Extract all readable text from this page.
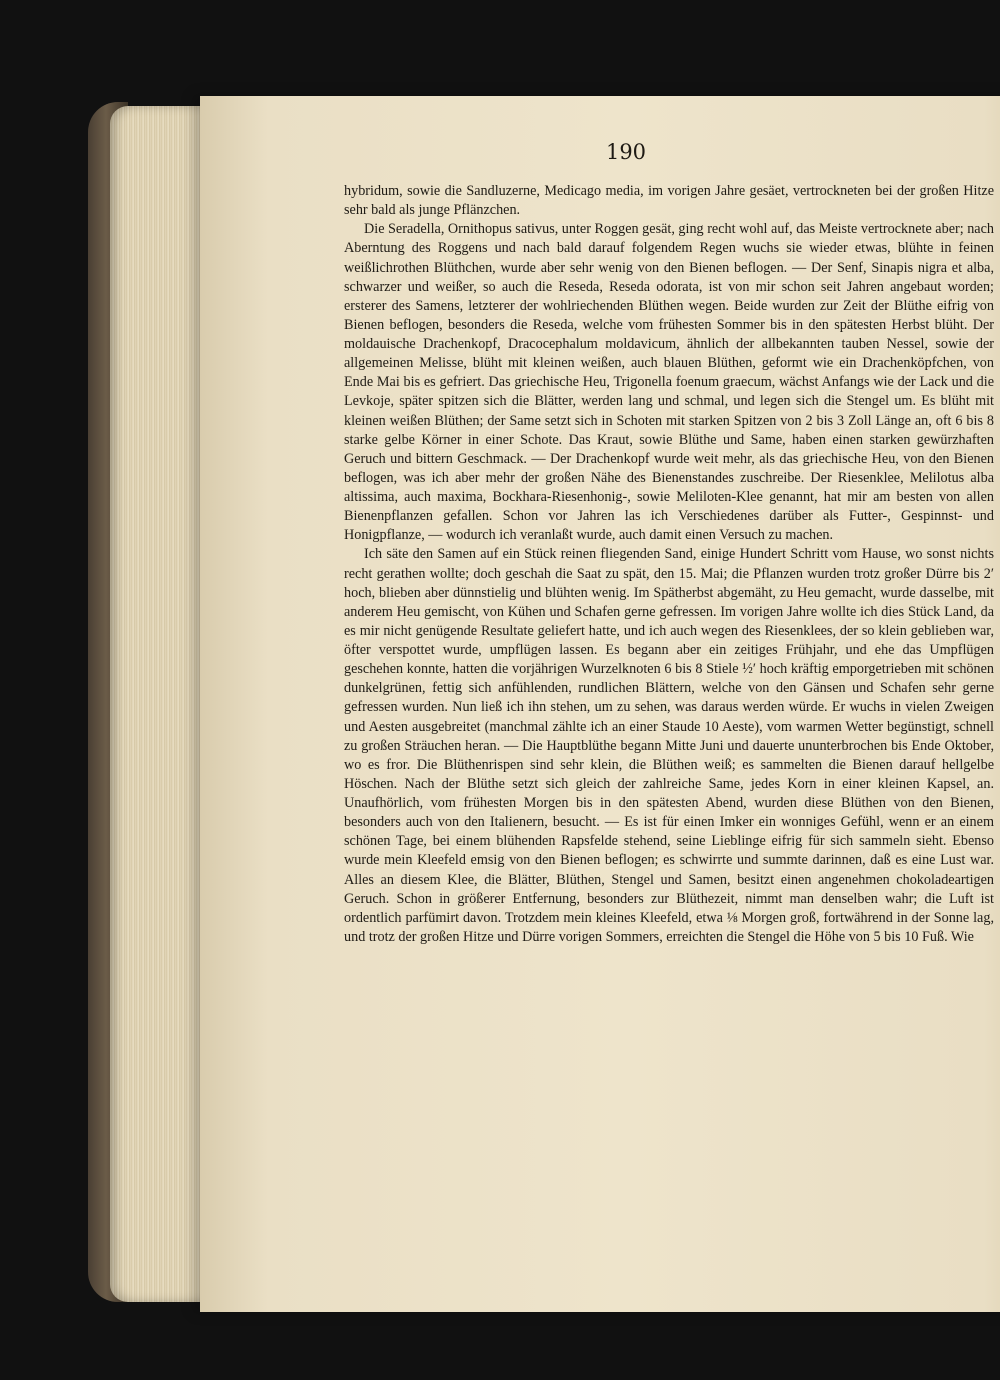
190

hybridum, sowie die Sandluzerne, Medicago media, im vorigen Jahre gesäet, vertrockneten bei der großen Hitze sehr bald als junge Pflänzchen.

Die Seradella, Ornithopus sativus, unter Roggen gesät, ging recht wohl auf, das Meiste vertrocknete aber; nach Aberntung des Roggens und nach bald darauf folgendem Regen wuchs sie wieder etwas, blühte in feinen weißlichrothen Blüthchen, wurde aber sehr wenig von den Bienen beflogen. — Der Senf, Sinapis nigra et alba, schwarzer und weißer, so auch die Reseda, Reseda odorata, ist von mir schon seit Jahren angebaut worden; ersterer des Samens, letzterer der wohlriechenden Blüthen wegen. Beide wurden zur Zeit der Blüthe eifrig von Bienen beflogen, besonders die Reseda, welche vom frühesten Sommer bis in den spätesten Herbst blüht. Der moldauische Drachenkopf, Dracocephalum moldavicum, ähnlich der allbekannten tauben Nessel, sowie der allgemeinen Melisse, blüht mit kleinen weißen, auch blauen Blüthen, geformt wie ein Drachenköpfchen, von Ende Mai bis es gefriert. Das griechische Heu, Trigonella foenum graecum, wächst Anfangs wie der Lack und die Levkoje, später spitzen sich die Blätter, werden lang und schmal, und legen sich die Stengel um. Es blüht mit kleinen weißen Blüthen; der Same setzt sich in Schoten mit starken Spitzen von 2 bis 3 Zoll Länge an, oft 6 bis 8 starke gelbe Körner in einer Schote. Das Kraut, sowie Blüthe und Same, haben einen starken gewürzhaften Geruch und bittern Geschmack. — Der Drachenkopf wurde weit mehr, als das griechische Heu, von den Bienen beflogen, was ich aber mehr der großen Nähe des Bienenstandes zuschreibe. Der Riesenklee, Melilotus alba altissima, auch maxima, Bockhara-Riesenhonig-, sowie Meliloten-Klee genannt, hat mir am besten von allen Bienenpflanzen gefallen. Schon vor Jahren las ich Verschiedenes darüber als Futter-, Gespinnst- und Honigpflanze, — wodurch ich veranlaßt wurde, auch damit einen Versuch zu machen.

Ich säte den Samen auf ein Stück reinen fliegenden Sand, einige Hundert Schritt vom Hause, wo sonst nichts recht gerathen wollte; doch geschah die Saat zu spät, den 15. Mai; die Pflanzen wurden trotz großer Dürre bis 2′ hoch, blieben aber dünnstielig und blühten wenig. Im Spätherbst abgemäht, zu Heu gemacht, wurde dasselbe, mit anderem Heu gemischt, von Kühen und Schafen gerne gefressen. Im vorigen Jahre wollte ich dies Stück Land, da es mir nicht genügende Resultate geliefert hatte, und ich auch wegen des Riesenklees, der so klein geblieben war, öfter verspottet wurde, umpflügen lassen. Es begann aber ein zeitiges Frühjahr, und ehe das Umpflügen geschehen konnte, hatten die vorjährigen Wurzelknoten 6 bis 8 Stiele ½′ hoch kräftig emporgetrieben mit schönen dunkelgrünen, fettig sich anfühlenden, rundlichen Blättern, welche von den Gänsen und Schafen sehr gerne gefressen wurden. Nun ließ ich ihn stehen, um zu sehen, was daraus werden würde. Er wuchs in vielen Zweigen und Aesten ausgebreitet (manchmal zählte ich an einer Staude 10 Aeste), vom warmen Wetter begünstigt, schnell zu großen Sträuchen heran. — Die Hauptblüthe begann Mitte Juni und dauerte ununterbrochen bis Ende Oktober, wo es fror. Die Blüthenrispen sind sehr klein, die Blüthen weiß; es sammelten die Bienen darauf hellgelbe Höschen. Nach der Blüthe setzt sich gleich der zahlreiche Same, jedes Korn in einer kleinen Kapsel, an. Unaufhörlich, vom frühesten Morgen bis in den spätesten Abend, wurden diese Blüthen von den Bienen, besonders auch von den Italienern, besucht. — Es ist für einen Imker ein wonniges Gefühl, wenn er an einem schönen Tage, bei einem blühenden Rapsfelde stehend, seine Lieblinge eifrig für sich sammeln sieht. Ebenso wurde mein Kleefeld emsig von den Bienen beflogen; es schwirrte und summte darinnen, daß es eine Lust war. Alles an diesem Klee, die Blätter, Blüthen, Stengel und Samen, besitzt einen angenehmen chokoladeartigen Geruch. Schon in größerer Entfernung, besonders zur Blüthezeit, nimmt man denselben wahr; die Luft ist ordentlich parfümirt davon. Trotzdem mein kleines Kleefeld, etwa ⅛ Morgen groß, fortwährend in der Sonne lag, und trotz der großen Hitze und Dürre vorigen Sommers, erreichten die Stengel die Höhe von 5 bis 10 Fuß. Wie
